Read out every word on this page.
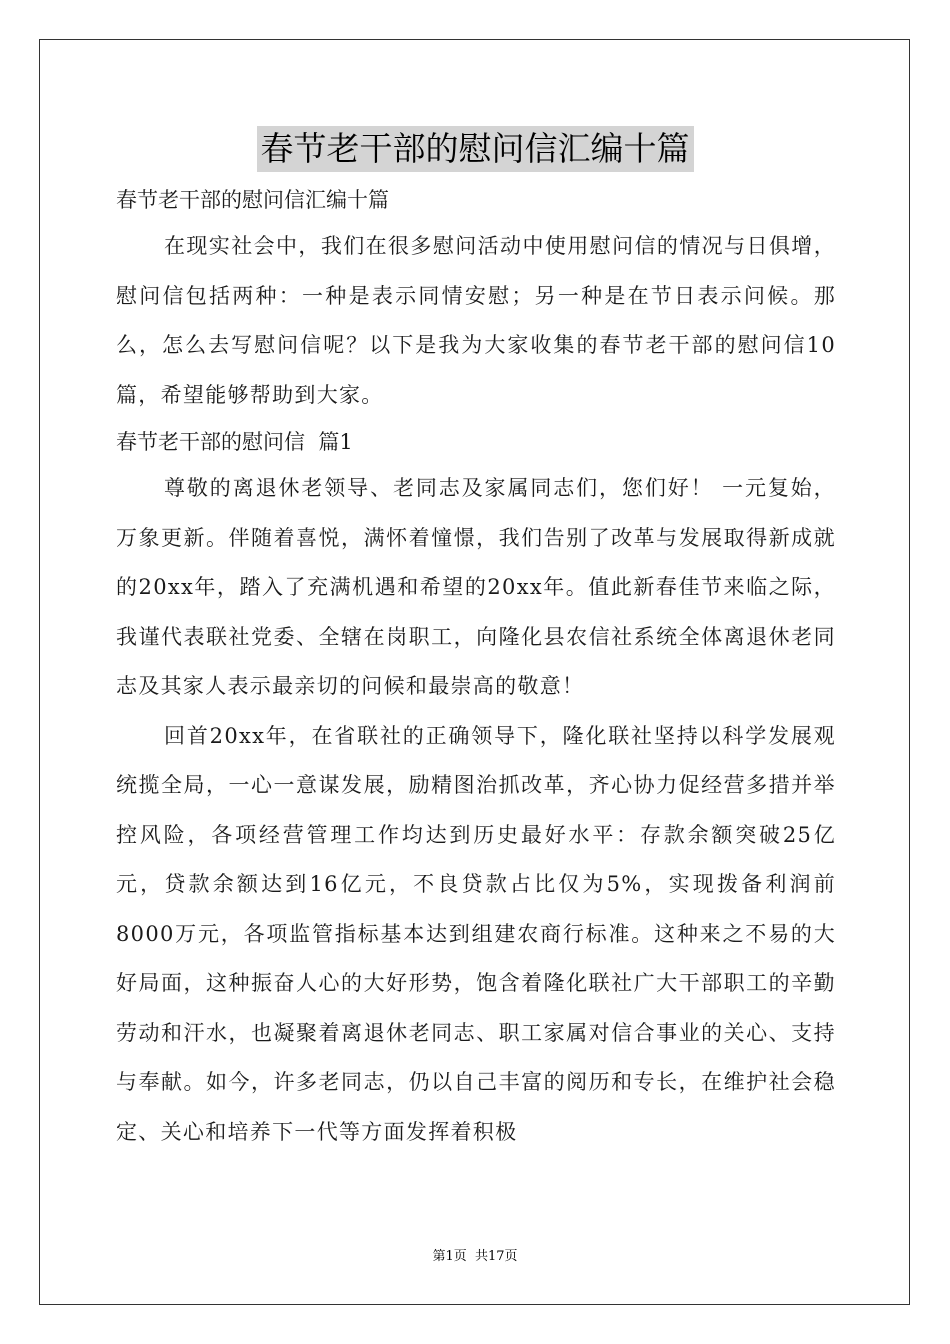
春节老干部的慰问信汇编十篇

春节老干部的慰问信汇编十篇

在现实社会中，我们在很多慰问活动中使用慰问信的情况与日俱增，慰问信包括两种：一种是表示同情安慰；另一种是在节日表示问候。那么，怎么去写慰问信呢？以下是我为大家收集的春节老干部的慰问信10篇，希望能够帮助到大家。

春节老干部的慰问信  篇1

尊敬的离退休老领导、老同志及家属同志们，您们好！ 一元复始，万象更新。伴随着喜悦，满怀着憧憬，我们告别了改革与发展取得新成就的20xx年，踏入了充满机遇和希望的20xx年。值此新春佳节来临之际，我谨代表联社党委、全辖在岗职工，向隆化县农信社系统全体离退休老同志及其家人表示最亲切的问候和最崇高的敬意！

回首20xx年，在省联社的正确领导下，隆化联社坚持以科学发展观统揽全局，一心一意谋发展，励精图治抓改革，齐心协力促经营多措并举控风险，各项经营管理工作均达到历史最好水平：存款余额突破25亿元，贷款余额达到16亿元，不良贷款占比仅为5%，实现拨备利润前8000万元，各项监管指标基本达到组建农商行标准。这种来之不易的大好局面，这种振奋人心的大好形势，饱含着隆化联社广大干部职工的辛勤劳动和汗水，也凝聚着离退休老同志、职工家属对信合事业的关心、支持与奉献。如今，许多老同志，仍以自己丰富的阅历和专长，在维护社会稳定、关心和培养下一代等方面发挥着积极

第1页 共17页
